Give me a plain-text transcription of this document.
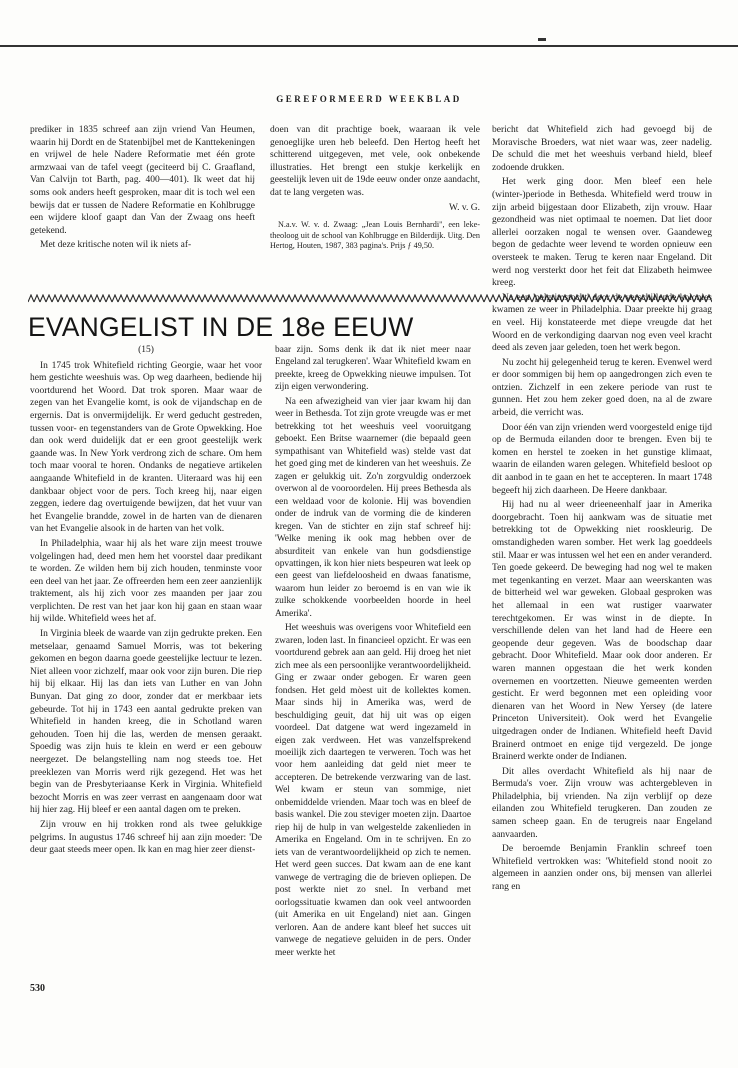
GEREFORMEERD WEEKBLAD

prediker in 1835 schreef aan zijn vriend Van Heumen, waarin hij Dordt en de Statenbijbel met de Kanttekeningen en vrijwel de hele Nadere Reformatie met één grote armzwaai van de tafel veegt (geciteerd bij C. Graafland, Van Calvijn tot Barth, pag. 400—401). Ik weet dat hij soms ook anders heeft gesproken, maar dit is toch wel een bewijs dat er tussen de Nadere Reformatie en Kohlbrugge een wijdere kloof gaapt dan Van der Zwaag ons heeft getekend.

Met deze kritische noten wil ik niets af-

doen van dit prachtige boek, waaraan ik vele genoeglijke uren heb beleefd. Den Hertog heeft het schitterend uitgegeven, met vele, ook onbekende illustraties. Het brengt een stukje kerkelijk en geestelijk leven uit de 19de eeuw onder onze aandacht, dat te lang vergeten was.

W. v. G.

N.a.v. W. v. d. Zwaag: „Jean Louis Bernhardi", een leke-theoloog uit de school van Kohlbrugge en Bilderdijk. Uitg. Den Hertog, Houten, 1987, 383 pagina's. Prijs ƒ 49,50.

EVANGELIST IN DE 18e EEUW

(15)

In 1745 trok Whitefield richting Georgie, waar het voor hem gestichte weeshuis was. Op weg daarheen, bediende hij voortdurend het Woord. Dat trok sporen. Maar waar de zegen van het Evangelie komt, is ook de vijandschap en de ergernis. Dat is onvermijdelijk. Er werd geducht gestreden, tussen voor- en tegenstanders van de Grote Opwekking. Hoe dan ook werd duidelijk dat er een groot geestelijk werk gaande was. In New York verdrong zich de schare. Om hem toch maar vooral te horen. Ondanks de negatieve artikelen aangaande Whitefield in de kranten. Uiteraard was hij een dankbaar object voor de pers. Toch kreeg hij, naar eigen zeggen, iedere dag overtuigende bewijzen, dat het vuur van het Evangelie brandde, zowel in de harten van de dienaren van het Evangelie alsook in de harten van het volk.

In Philadelphia, waar hij als het ware zijn meest trouwe volgelingen had, deed men hem het voorstel daar predikant te worden. Ze wilden hem bij zich houden, tenminste voor een deel van het jaar. Ze offreerden hem een zeer aanzienlijk traktement, als hij zich voor zes maanden per jaar zou verplichten. De rest van het jaar kon hij gaan en staan waar hij wilde. Whitefield wees het af.

In Virginia bleek de waarde van zijn gedrukte preken. Een metselaar, genaamd Samuel Morris, was tot bekering gekomen en begon daarna goede geestelijke lectuur te lezen. Niet alleen voor zichzelf, maar ook voor zijn buren. Die riep hij bij elkaar. Hij las dan iets van Luther en van John Bunyan. Dat ging zo door, zonder dat er merkbaar iets gebeurde. Tot hij in 1743 een aantal gedrukte preken van Whitefield in handen kreeg, die in Schotland waren gehouden. Toen hij die las, werden de mensen geraakt. Spoedig was zijn huis te klein en werd er een gebouw neergezet. De belangstelling nam nog steeds toe. Het preeklezen van Morris werd rijk gezegend. Het was het begin van de Presbyteriaanse Kerk in Virginia. Whitefield bezocht Morris en was zeer verrast en aangenaam door wat hij hier zag. Hij bleef er een aantal dagen om te preken.

Zijn vrouw en hij trokken rond als twee gelukkige pelgrims. In augustus 1746 schreef hij aan zijn moeder: 'De deur gaat steeds meer open. Ik kan en mag hier zeer dienst-

baar zijn. Soms denk ik dat ik niet meer naar Engeland zal terugkeren'. Waar Whitefield kwam en preekte, kreeg de Opwekking nieuwe impulsen. Tot zijn eigen verwondering.

Na een afwezigheid van vier jaar kwam hij dan weer in Bethesda. Tot zijn grote vreugde was er met betrekking tot het weeshuis veel vooruitgang geboekt. Een Britse waarnemer (die bepaald geen sympathisant van Whitefield was) stelde vast dat het goed ging met de kinderen van het weeshuis. Ze zagen er gelukkig uit. Zo'n zorgvuldig onderzoek overwon al de vooroordelen. Hij prees Bethesda als een weldaad voor de kolonie. Hij was bovendien onder de indruk van de vorming die de kinderen kregen. Van de stichter en zijn staf schreef hij: 'Welke mening ik ook mag hebben over de absurditeit van enkele van hun godsdienstige opvattingen, ik kon hier niets bespeuren wat leek op een geest van liefdeloosheid en dwaas fanatisme, waarom hun leider zo beroemd is en van wie ik zulke schokkende voorbeelden hoorde in heel Amerika'.

Het weeshuis was overigens voor Whitefield een zwaren, loden last. In financieel opzicht. Er was een voortdurend gebrek aan aan geld. Hij droeg het niet zich mee als een persoonlijke verantwoordelijkheid. Ging er zwaar onder gebogen. Er waren geen fondsen. Het geld mòest uit de kollektes komen. Maar sinds hij in Amerika was, werd de beschuldiging geuit, dat hij uit was op eigen voordeel. Dat datgene wat werd ingezameld in eigen zak verdween. Het was vanzelfsprekend moeilijk zich daartegen te verweren. Toch was het voor hem aanleiding dat geld niet meer te accepteren. De betrekende verzwaring van de last. Wel kwam er steun van sommige, niet onbemiddelde vrienden. Maar toch was en bleef de basis wankel. Die zou steviger moeten zijn. Daartoe riep hij de hulp in van welgestelde zakenlieden in Amerika en Engeland. Om in te schrijven. En zo iets van de verantwoordelijkheid op zich te nemen. Het werd geen succes. Dat kwam aan de ene kant vanwege de vertraging die de brieven opliepen. De post werkte niet zo snel. In verband met oorlogssituatie kwamen dan ook veel antwoorden (uit Amerika en uit Engeland) niet aan. Gingen verloren. Aan de andere kant bleef het succes uit vanwege de negatieve geluiden in de pers. Onder meer werkte het

bericht dat Whitefield zich had gevoegd bij de Moravische Broeders, wat niet waar was, zeer nadelig. De schuld die met het weeshuis verband hield, bleef zodoende drukken.

Het werk ging door. Men bleef een hele (winter-)periode in Bethesda. Whitefield werd trouw in zijn arbeid bijgestaan door Elizabeth, zijn vrouw. Haar gezondheid was niet optimaal te noemen. Dat liet door allerlei oorzaken nogal te wensen over. Gaandeweg begon de gedachte weer levend te worden opnieuw een oversteek te maken. Terug te keren naar Engeland. Dit werd nog versterkt door het feit dat Elizabeth heimwee kreeg.

Na een 'pelgrimstocht' door de verschillende kolonies kwamen ze weer in Philadelphia. Daar preekte hij graag en veel. Hij konstateerde met diepe vreugde dat het Woord en de verkondiging daarvan nog even veel kracht deed als zeven jaar geleden, toen het werk begon.

Nu zocht hij gelegenheid terug te keren. Evenwel werd er door sommigen bij hem op aangedrongen zich even te ontzien. Zichzelf in een zekere periode van rust te gunnen. Het zou hem zeker goed doen, na al de zware arbeid, die verricht was.

Door één van zijn vrienden werd voorgesteld enige tijd op de Bermuda eilanden door te brengen. Even bij te komen en herstel te zoeken in het gunstige klimaat, waarin de eilanden waren gelegen. Whitefield besloot op dit aanbod in te gaan en het te accepteren. In maart 1748 begeeft hij zich daarheen. De Heere dankbaar.

Hij had nu al weer drieeneenhalf jaar in Amerika doorgebracht. Toen hij aankwam was de situatie met betrekking tot de Opwekking niet rooskleurig. De omstandigheden waren somber. Het werk lag goeddeels stil. Maar er was intussen wel het een en ander veranderd. Ten goede gekeerd. De beweging had nog wel te maken met tegenkanting en verzet. Maar aan weerskanten was de bitterheid wel war geweken. Globaal gesproken was het allemaal in een wat rustiger vaarwater terechtgekomen. Er was winst in de diepte. In verschillende delen van het land had de Heere een geopende deur gegeven. Was de boodschap daar gebracht. Door Whitefield. Maar ook door anderen. Er waren mannen opgestaan die het werk konden overnemen en voortzetten. Nieuwe gemeenten werden gesticht. Er werd begonnen met een opleiding voor dienaren van het Woord in New Yersey (de latere Princeton Universiteit). Ook werd het Evangelie uitgedragen onder de Indianen. Whitefield heeft David Brainerd ontmoet en enige tijd vergezeld. De jonge Brainerd werkte onder de Indianen.

Dit alles overdacht Whitefield als hij naar de Bermuda's voer. Zijn vrouw was achtergebleven in Philadelphia, bij vrienden. Na zijn verblijf op deze eilanden zou Whitefield terugkeren. Dan zouden ze samen scheep gaan. En de terugreis naar Engeland aanvaarden.

De beroemde Benjamin Franklin schreef toen Whitefield vertrokken was: 'Whitefield stond nooit zo algemeen in aanzien onder ons, bij mensen van allerlei rang en

530
